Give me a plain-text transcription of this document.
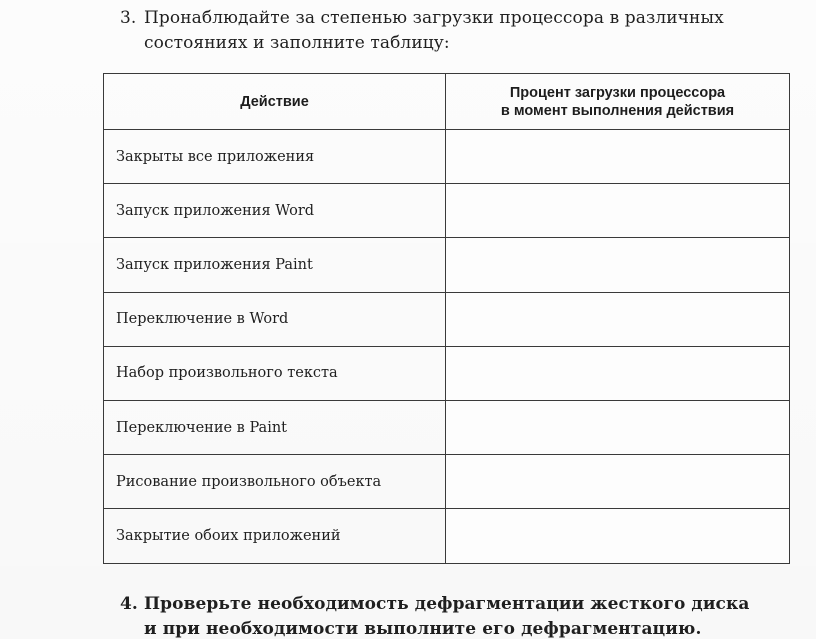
3. Пронаблюдайте за степенью загрузки процессора в различных
состояниях и заполните таблицу:
Действие	Процент загрузки процессора
в момент выполнения действия
Закрыты все приложения	
Запуск приложения Word	
Запуск приложения Paint	
Переключение в Word	
Набор произвольного текста	
Переключение в Paint	
Рисование произвольного объекта	
Закрытие обоих приложений	
4. Проверьте необходимость дефрагментации жесткого диска
и при необходимости выполните его дефрагментацию.
